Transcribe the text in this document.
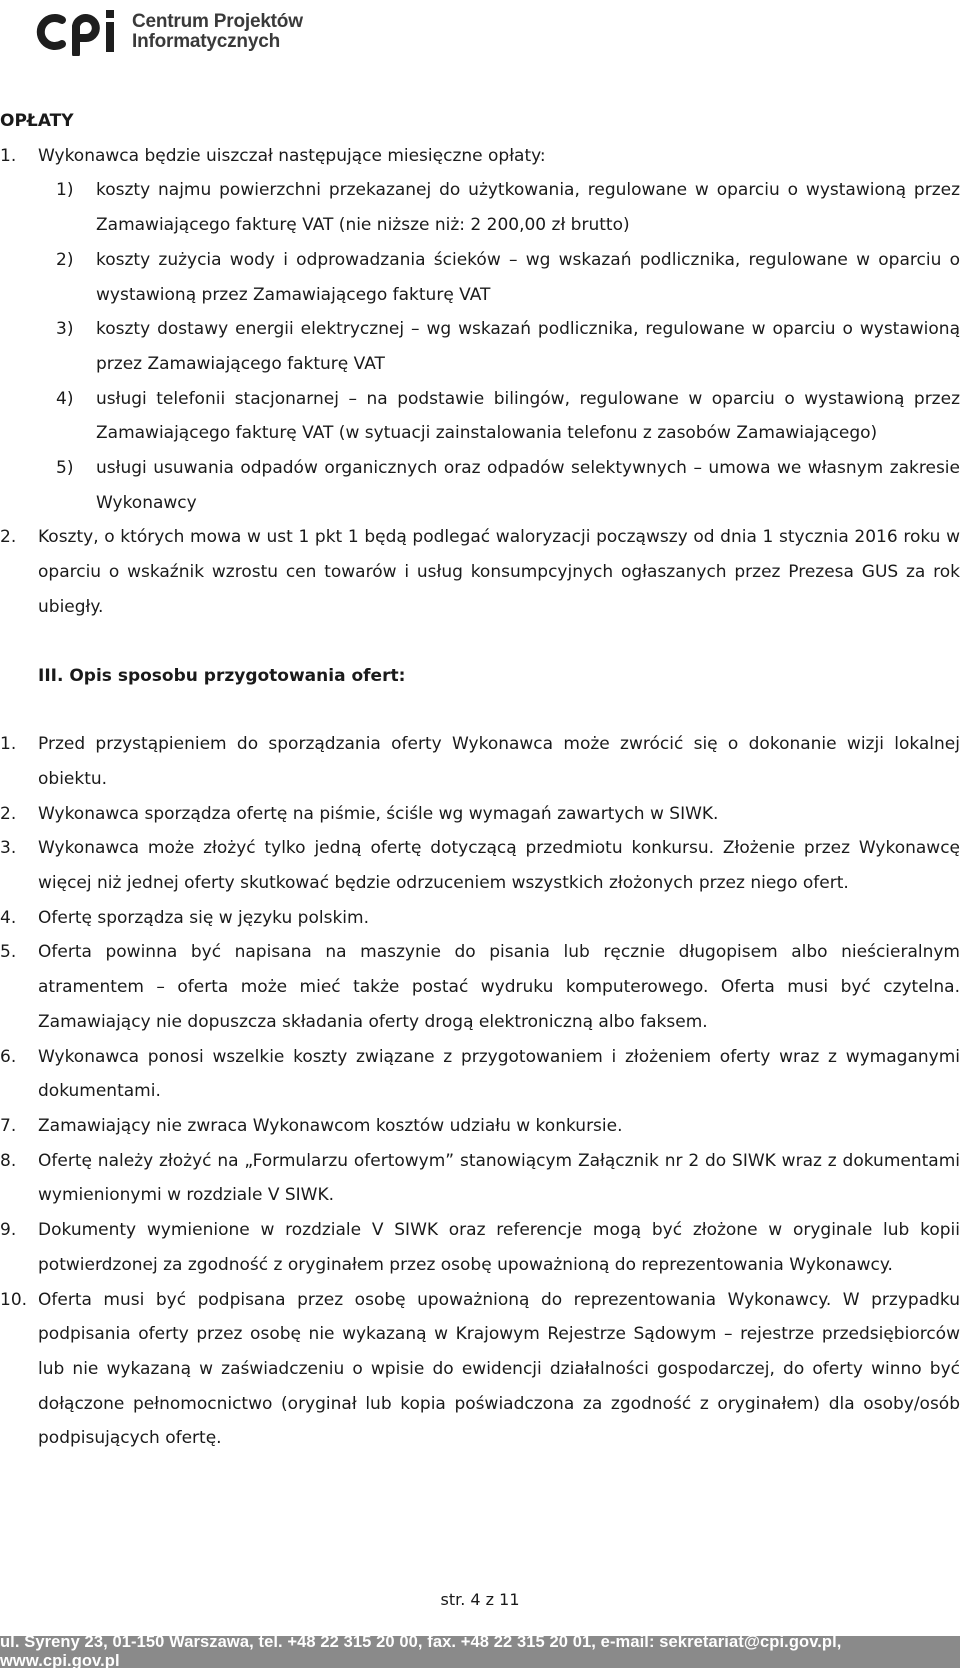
Centrum Projektów
Informatycznych

OPŁATY

1. Wykonawca będzie uiszczał następujące miesięczne opłaty:

1) koszty najmu powierzchni przekazanej do użytkowania, regulowane w oparciu o wystawioną przez Zamawiającego fakturę VAT (nie niższe niż: 2 200,00 zł brutto)

2) koszty zużycia wody i odprowadzania ścieków – wg wskazań podlicznika, regulowane w oparciu o wystawioną przez Zamawiającego fakturę VAT

3) koszty dostawy energii elektrycznej – wg wskazań podlicznika, regulowane w oparciu o wystawioną przez Zamawiającego fakturę VAT

4) usługi telefonii stacjonarnej – na podstawie bilingów, regulowane w oparciu o wystawioną przez Zamawiającego fakturę VAT (w sytuacji zainstalowania telefonu z zasobów Zamawiającego)

5) usługi usuwania odpadów organicznych oraz odpadów selektywnych – umowa we własnym zakresie Wykonawcy

2. Koszty, o których mowa w ust 1 pkt 1 będą podlegać waloryzacji począwszy od dnia 1 stycznia 2016 roku w oparciu o wskaźnik wzrostu cen towarów i usług konsumpcyjnych ogłaszanych przez Prezesa GUS za rok ubiegły.

III. Opis sposobu przygotowania ofert:

1. Przed przystąpieniem do sporządzania oferty Wykonawca może zwrócić się o dokonanie wizji lokalnej obiektu.

2. Wykonawca sporządza ofertę na piśmie, ściśle wg wymagań zawartych w SIWK.

3. Wykonawca może złożyć tylko jedną ofertę dotyczącą przedmiotu konkursu. Złożenie przez Wykonawcę więcej niż jednej oferty skutkować będzie odrzuceniem wszystkich złożonych przez niego ofert.

4. Ofertę sporządza się w języku polskim.

5. Oferta powinna być napisana na maszynie do pisania lub ręcznie długopisem albo nieścieralnym atramentem – oferta może mieć także postać wydruku komputerowego. Oferta musi być czytelna. Zamawiający nie dopuszcza składania oferty drogą elektroniczną albo faksem.

6. Wykonawca ponosi wszelkie koszty związane z przygotowaniem i złożeniem oferty wraz z wymaganymi dokumentami.

7. Zamawiający nie zwraca Wykonawcom kosztów udziału w konkursie.

8. Ofertę należy złożyć na „Formularzu ofertowym” stanowiącym Załącznik nr 2 do SIWK wraz z dokumentami wymienionymi w rozdziale V SIWK.

9. Dokumenty wymienione w rozdziale V SIWK oraz referencje mogą być złożone w oryginale lub kopii potwierdzonej za zgodność z oryginałem przez osobę upoważnioną do reprezentowania Wykonawcy.

10. Oferta musi być podpisana przez osobę upoważnioną do reprezentowania Wykonawcy. W przypadku podpisania oferty przez osobę nie wykazaną w Krajowym Rejestrze Sądowym – rejestrze przedsiębiorców lub nie wykazaną w zaświadczeniu o wpisie do ewidencji działalności gospodarczej, do oferty winno być dołączone pełnomocnictwo (oryginał lub kopia poświadczona za zgodność z oryginałem) dla osoby/osób podpisujących ofertę.

str. 4 z 11
ul. Syreny 23, 01-150 Warszawa, tel. +48 22 315 20 00, fax. +48 22 315 20 01, e-mail: sekretariat@cpi.gov.pl, www.cpi.gov.pl
